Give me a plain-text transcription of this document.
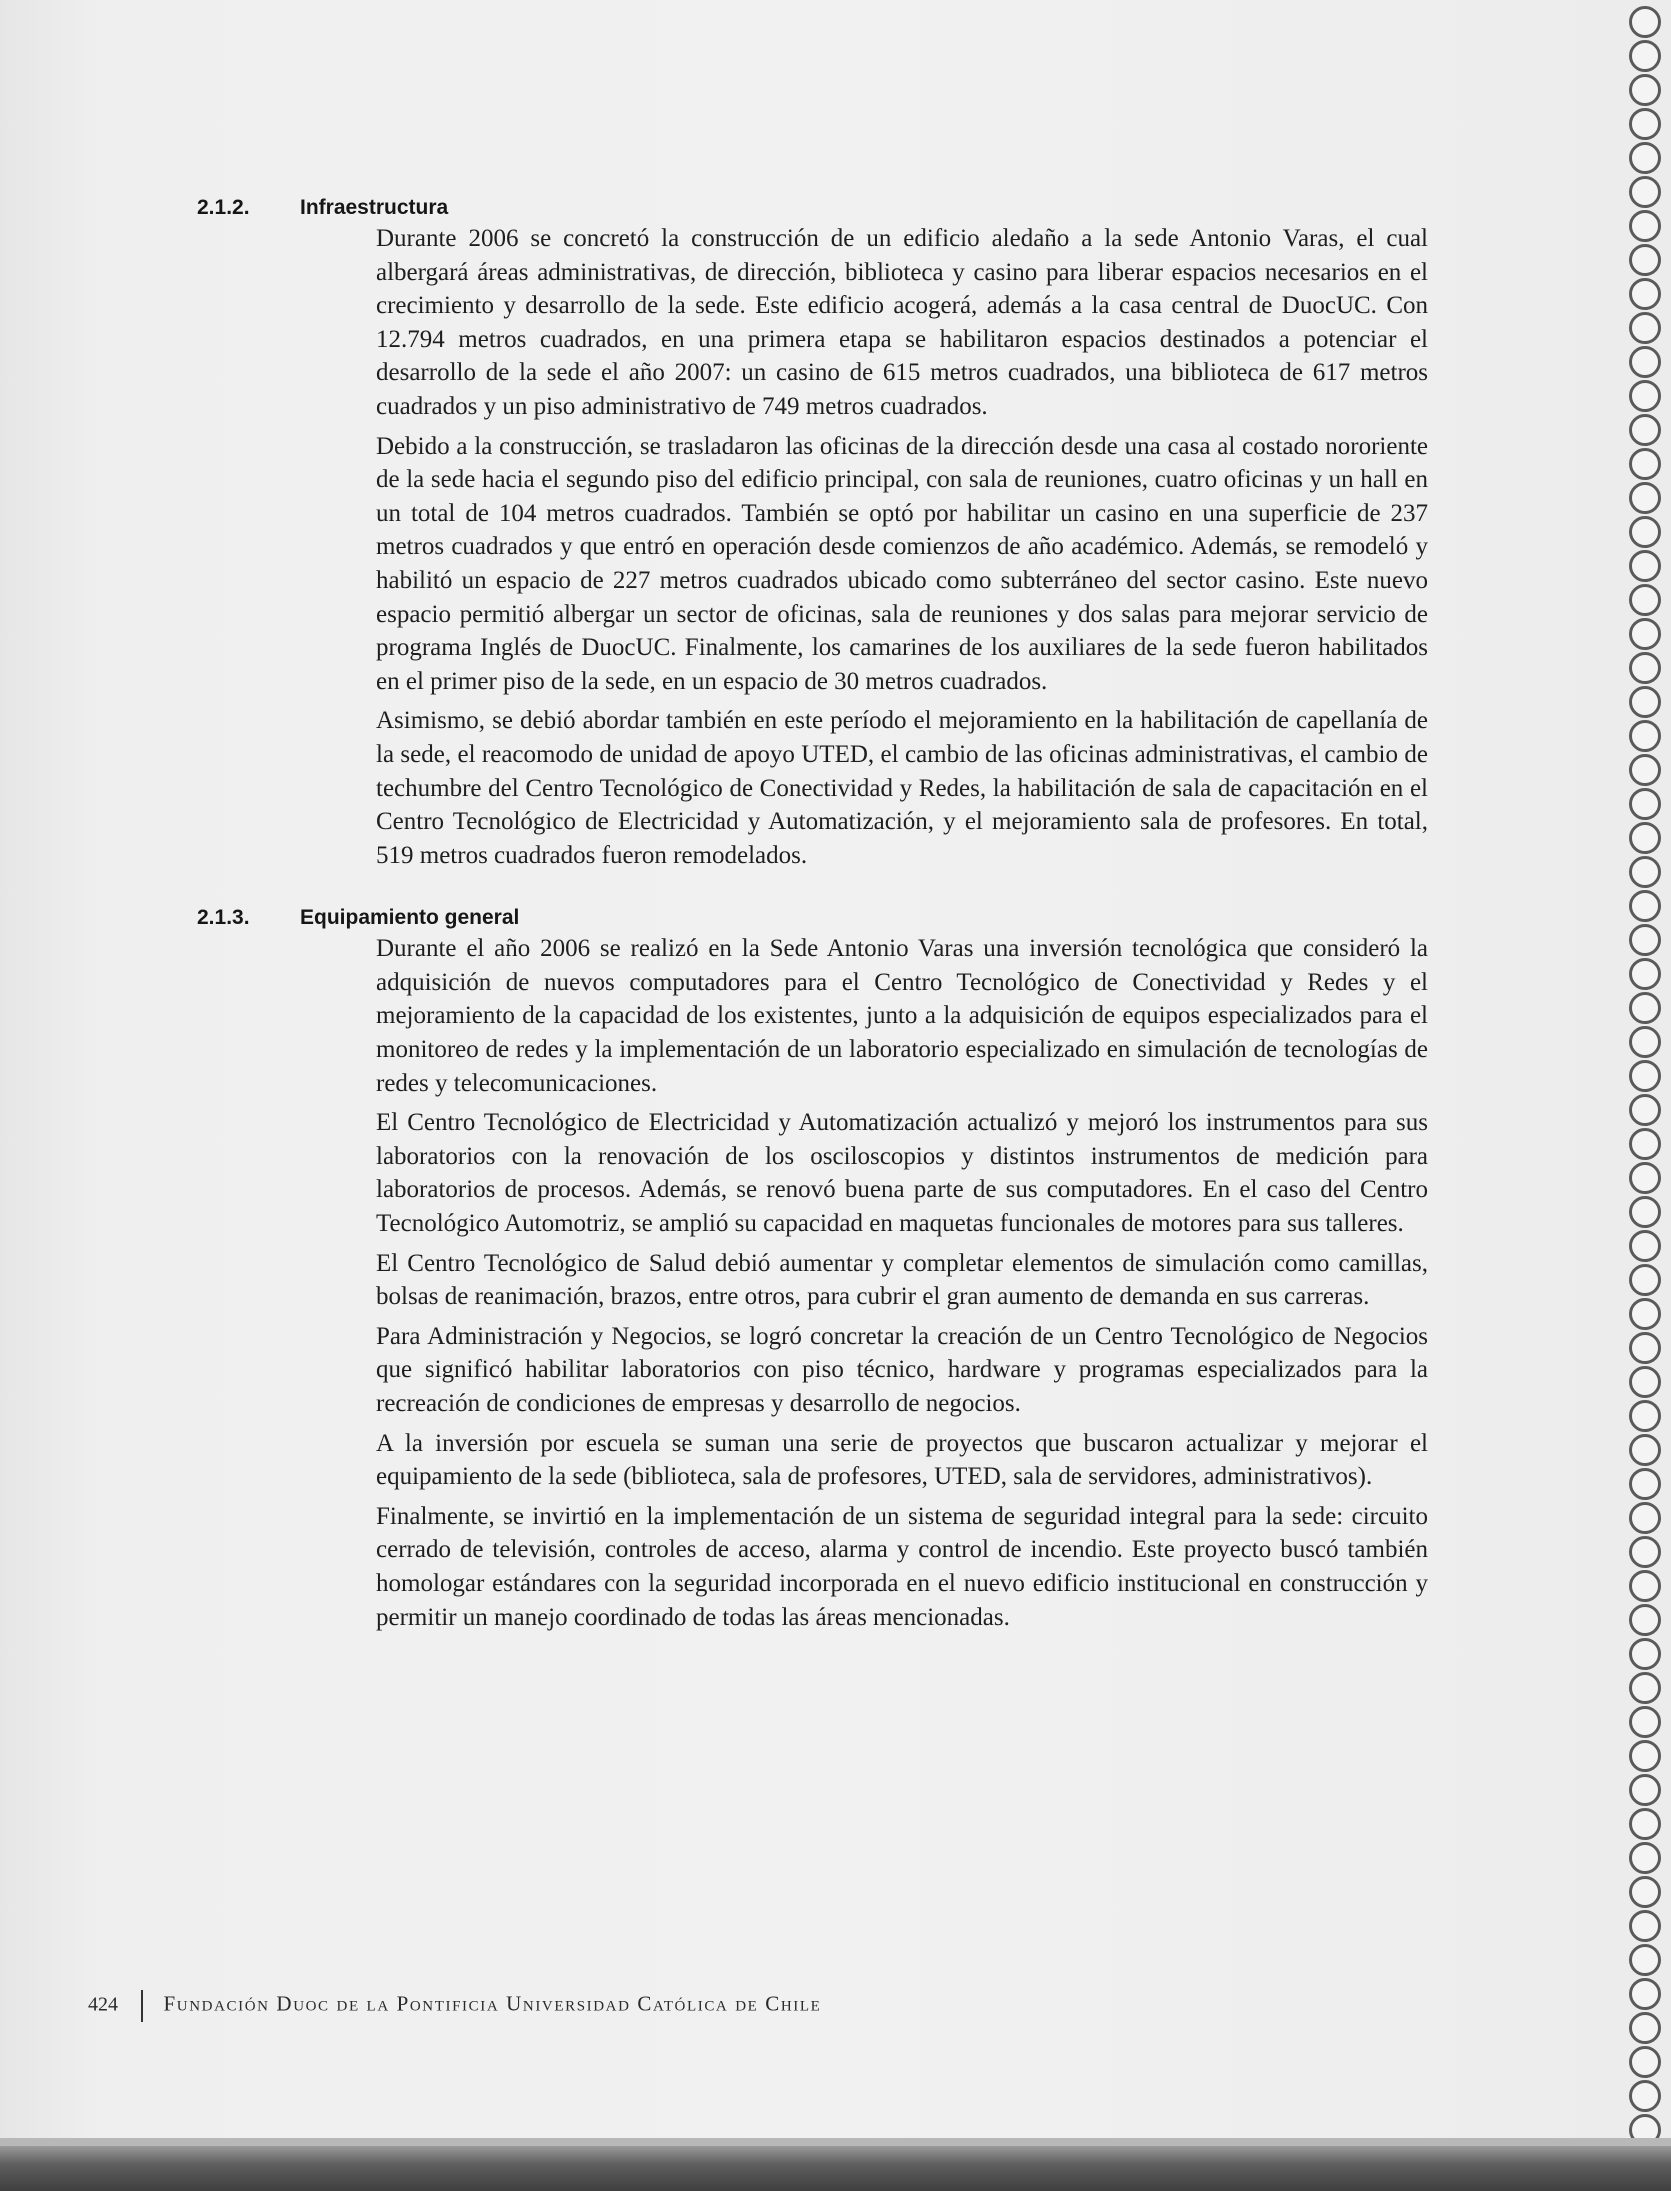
2.1.2. Infraestructura

Durante 2006 se concretó la construcción de un edificio aledaño a la sede Antonio Varas, el cual albergará áreas administrativas, de dirección, biblioteca y casino para liberar espacios necesarios en el crecimiento y desarrollo de la sede. Este edificio acogerá, además a la casa central de DuocUC. Con 12.794 metros cuadrados, en una primera etapa se habilitaron espacios destinados a potenciar el desarrollo de la sede el año 2007: un casino de 615 metros cuadrados, una biblioteca de 617 metros cuadrados y un piso administrativo de 749 metros cuadrados.

Debido a la construcción, se trasladaron las oficinas de la dirección desde una casa al costado nororiente de la sede hacia el segundo piso del edificio principal, con sala de reuniones, cuatro oficinas y un hall en un total de 104 metros cuadrados. También se optó por habilitar un casino en una superficie de 237 metros cuadrados y que entró en operación desde comienzos de año académico. Además, se remodeló y habilitó un espacio de 227 metros cuadrados ubicado como subterráneo del sector casino. Este nuevo espacio permitió albergar un sector de oficinas, sala de reuniones y dos salas para mejorar servicio de programa Inglés de DuocUC. Finalmente, los camarines de los auxiliares de la sede fueron habilitados en el primer piso de la sede, en un espacio de 30 metros cuadrados.

Asimismo, se debió abordar también en este período el mejoramiento en la habilitación de capellanía de la sede, el reacomodo de unidad de apoyo UTED, el cambio de las oficinas administrativas, el cambio de techumbre del Centro Tecnológico de Conectividad y Redes, la habilitación de sala de capacitación en el Centro Tecnológico de Electricidad y Automatización, y el mejoramiento sala de profesores. En total, 519 metros cuadrados fueron remodelados.

2.1.3. Equipamiento general

Durante el año 2006 se realizó en la Sede Antonio Varas una inversión tecnológica que consideró la adquisición de nuevos computadores para el Centro Tecnológico de Conectividad y Redes y el mejoramiento de la capacidad de los existentes, junto a la adquisición de equipos especializados para el monitoreo de redes y la implementación de un laboratorio especializado en simulación de tecnologías de redes y telecomunicaciones.

El Centro Tecnológico de Electricidad y Automatización actualizó y mejoró los instrumentos para sus laboratorios con la renovación de los osciloscopios y distintos instrumentos de medición para laboratorios de procesos. Además, se renovó buena parte de sus computadores. En el caso del Centro Tecnológico Automotriz, se amplió su capacidad en maquetas funcionales de motores para sus talleres.

El Centro Tecnológico de Salud debió aumentar y completar elementos de simulación como camillas, bolsas de reanimación, brazos, entre otros, para cubrir el gran aumento de demanda en sus carreras.

Para Administración y Negocios, se logró concretar la creación de un Centro Tecnológico de Negocios que significó habilitar laboratorios con piso técnico, hardware y programas especializados para la recreación de condiciones de empresas y desarrollo de negocios.

A la inversión por escuela se suman una serie de proyectos que buscaron actualizar y mejorar el equipamiento de la sede (biblioteca, sala de profesores, UTED, sala de servidores, administrativos).

Finalmente, se invirtió en la implementación de un sistema de seguridad integral para la sede: circuito cerrado de televisión, controles de acceso, alarma y control de incendio. Este proyecto buscó también homologar estándares con la seguridad incorporada en el nuevo edificio institucional en construcción y permitir un manejo coordinado de todas las áreas mencionadas.

424 Fundación Duoc de la Pontificia Universidad Católica de Chile
